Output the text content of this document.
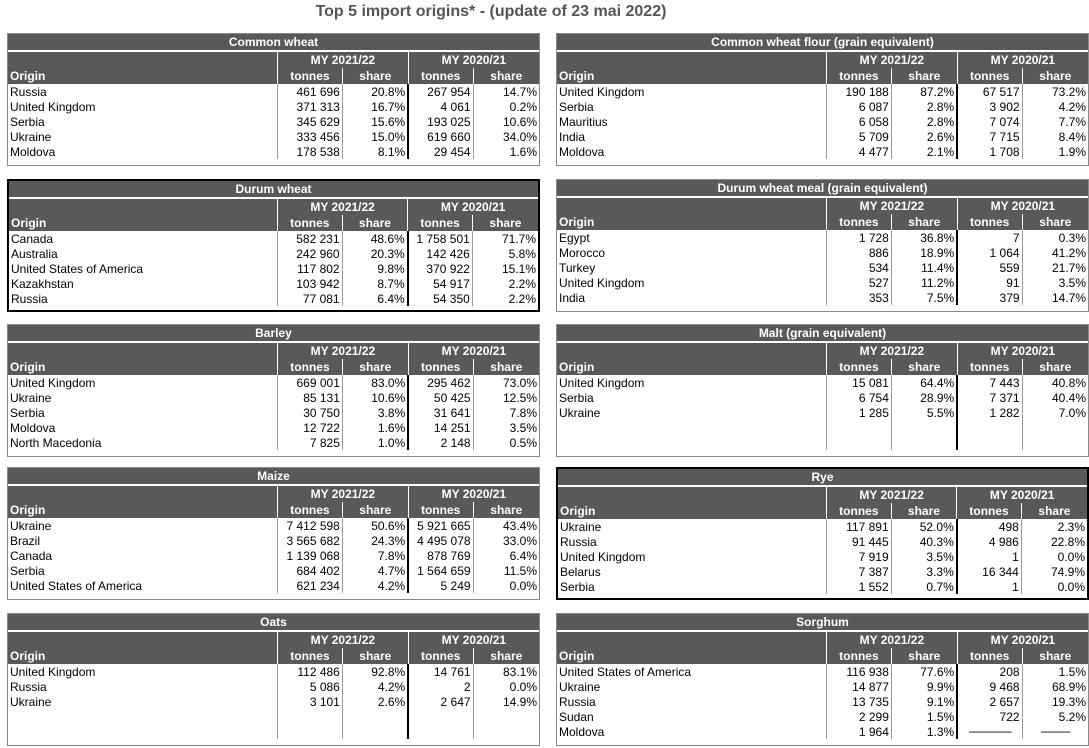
Top 5 import origins* - (update of 23 mai 2022)
Common wheat				
	MY 2021/22		MY 2020/21	
Origin	tonnes	share	tonnes	share
Russia	461 696	20.8%	267 954	14.7%
United Kingdom	371 313	16.7%	4 061	0.2%
Serbia	345 629	15.6%	193 025	10.6%
Ukraine	333 456	15.0%	619 660	34.0%
Moldova	178 538	8.1%	29 454	1.6%
Common wheat flour (grain equivalent)				
	MY 2021/22		MY 2020/21	
Origin	tonnes	share	tonnes	share
United Kingdom	190 188	87.2%	67 517	73.2%
Serbia	6 087	2.8%	3 902	4.2%
Mauritius	6 058	2.8%	7 074	7.7%
India	5 709	2.6%	7 715	8.4%
Moldova	4 477	2.1%	1 708	1.9%
Durum wheat				
	MY 2021/22		MY 2020/21	
Origin	tonnes	share	tonnes	share
Canada	582 231	48.6%	1 758 501	71.7%
Australia	242 960	20.3%	142 426	5.8%
United States of America	117 802	9.8%	370 922	15.1%
Kazakhstan	103 942	8.7%	54 917	2.2%
Russia	77 081	6.4%	54 350	2.2%
Durum wheat meal (grain equivalent)				
	MY 2021/22		MY 2020/21	
Origin	tonnes	share	tonnes	share
Egypt	1 728	36.8%	7	0.3%
Morocco	886	18.9%	1 064	41.2%
Turkey	534	11.4%	559	21.7%
United Kingdom	527	11.2%	91	3.5%
India	353	7.5%	379	14.7%
Barley				
	MY 2021/22		MY 2020/21	
Origin	tonnes	share	tonnes	share
United Kingdom	669 001	83.0%	295 462	73.0%
Ukraine	85 131	10.6%	50 425	12.5%
Serbia	30 750	3.8%	31 641	7.8%
Moldova	12 722	1.6%	14 251	3.5%
North Macedonia	7 825	1.0%	2 148	0.5%
Malt (grain equivalent)				
	MY 2021/22		MY 2020/21	
Origin	tonnes	share	tonnes	share
United Kingdom	15 081	64.4%	7 443	40.8%
Serbia	6 754	28.9%	7 371	40.4%
Ukraine	1 285	5.5%	1 282	7.0%

Maize				
	MY 2021/22		MY 2020/21	
Origin	tonnes	share	tonnes	share
Ukraine	7 412 598	50.6%	5 921 665	43.4%
Brazil	3 565 682	24.3%	4 495 078	33.0%
Canada	1 139 068	7.8%	878 769	6.4%
Serbia	684 402	4.7%	1 564 659	11.5%
United States of America	621 234	4.2%	5 249	0.0%
Rye				
	MY 2021/22		MY 2020/21	
Origin	tonnes	share	tonnes	share
Ukraine	117 891	52.0%	498	2.3%
Russia	91 445	40.3%	4 986	22.8%
United Kingdom	7 919	3.5%	1	0.0%
Belarus	7 387	3.3%	16 344	74.9%
Serbia	1 552	0.7%	1	0.0%
Oats				
	MY 2021/22		MY 2020/21	
Origin	tonnes	share	tonnes	share
United Kingdom	112 486	92.8%	14 761	83.1%
Russia	5 086	4.2%	2	0.0%
Ukraine	3 101	2.6%	2 647	14.9%

Sorghum				
	MY 2021/22		MY 2020/21	
Origin	tonnes	share	tonnes	share
United States of America	116 938	77.6%	208	1.5%
Ukraine	14 877	9.9%	9 468	68.9%
Russia	13 735	9.1%	2 657	19.3%
Sudan	2 299	1.5%	722	5.2%
Moldova	1 964	1.3%	----------------	-----------
